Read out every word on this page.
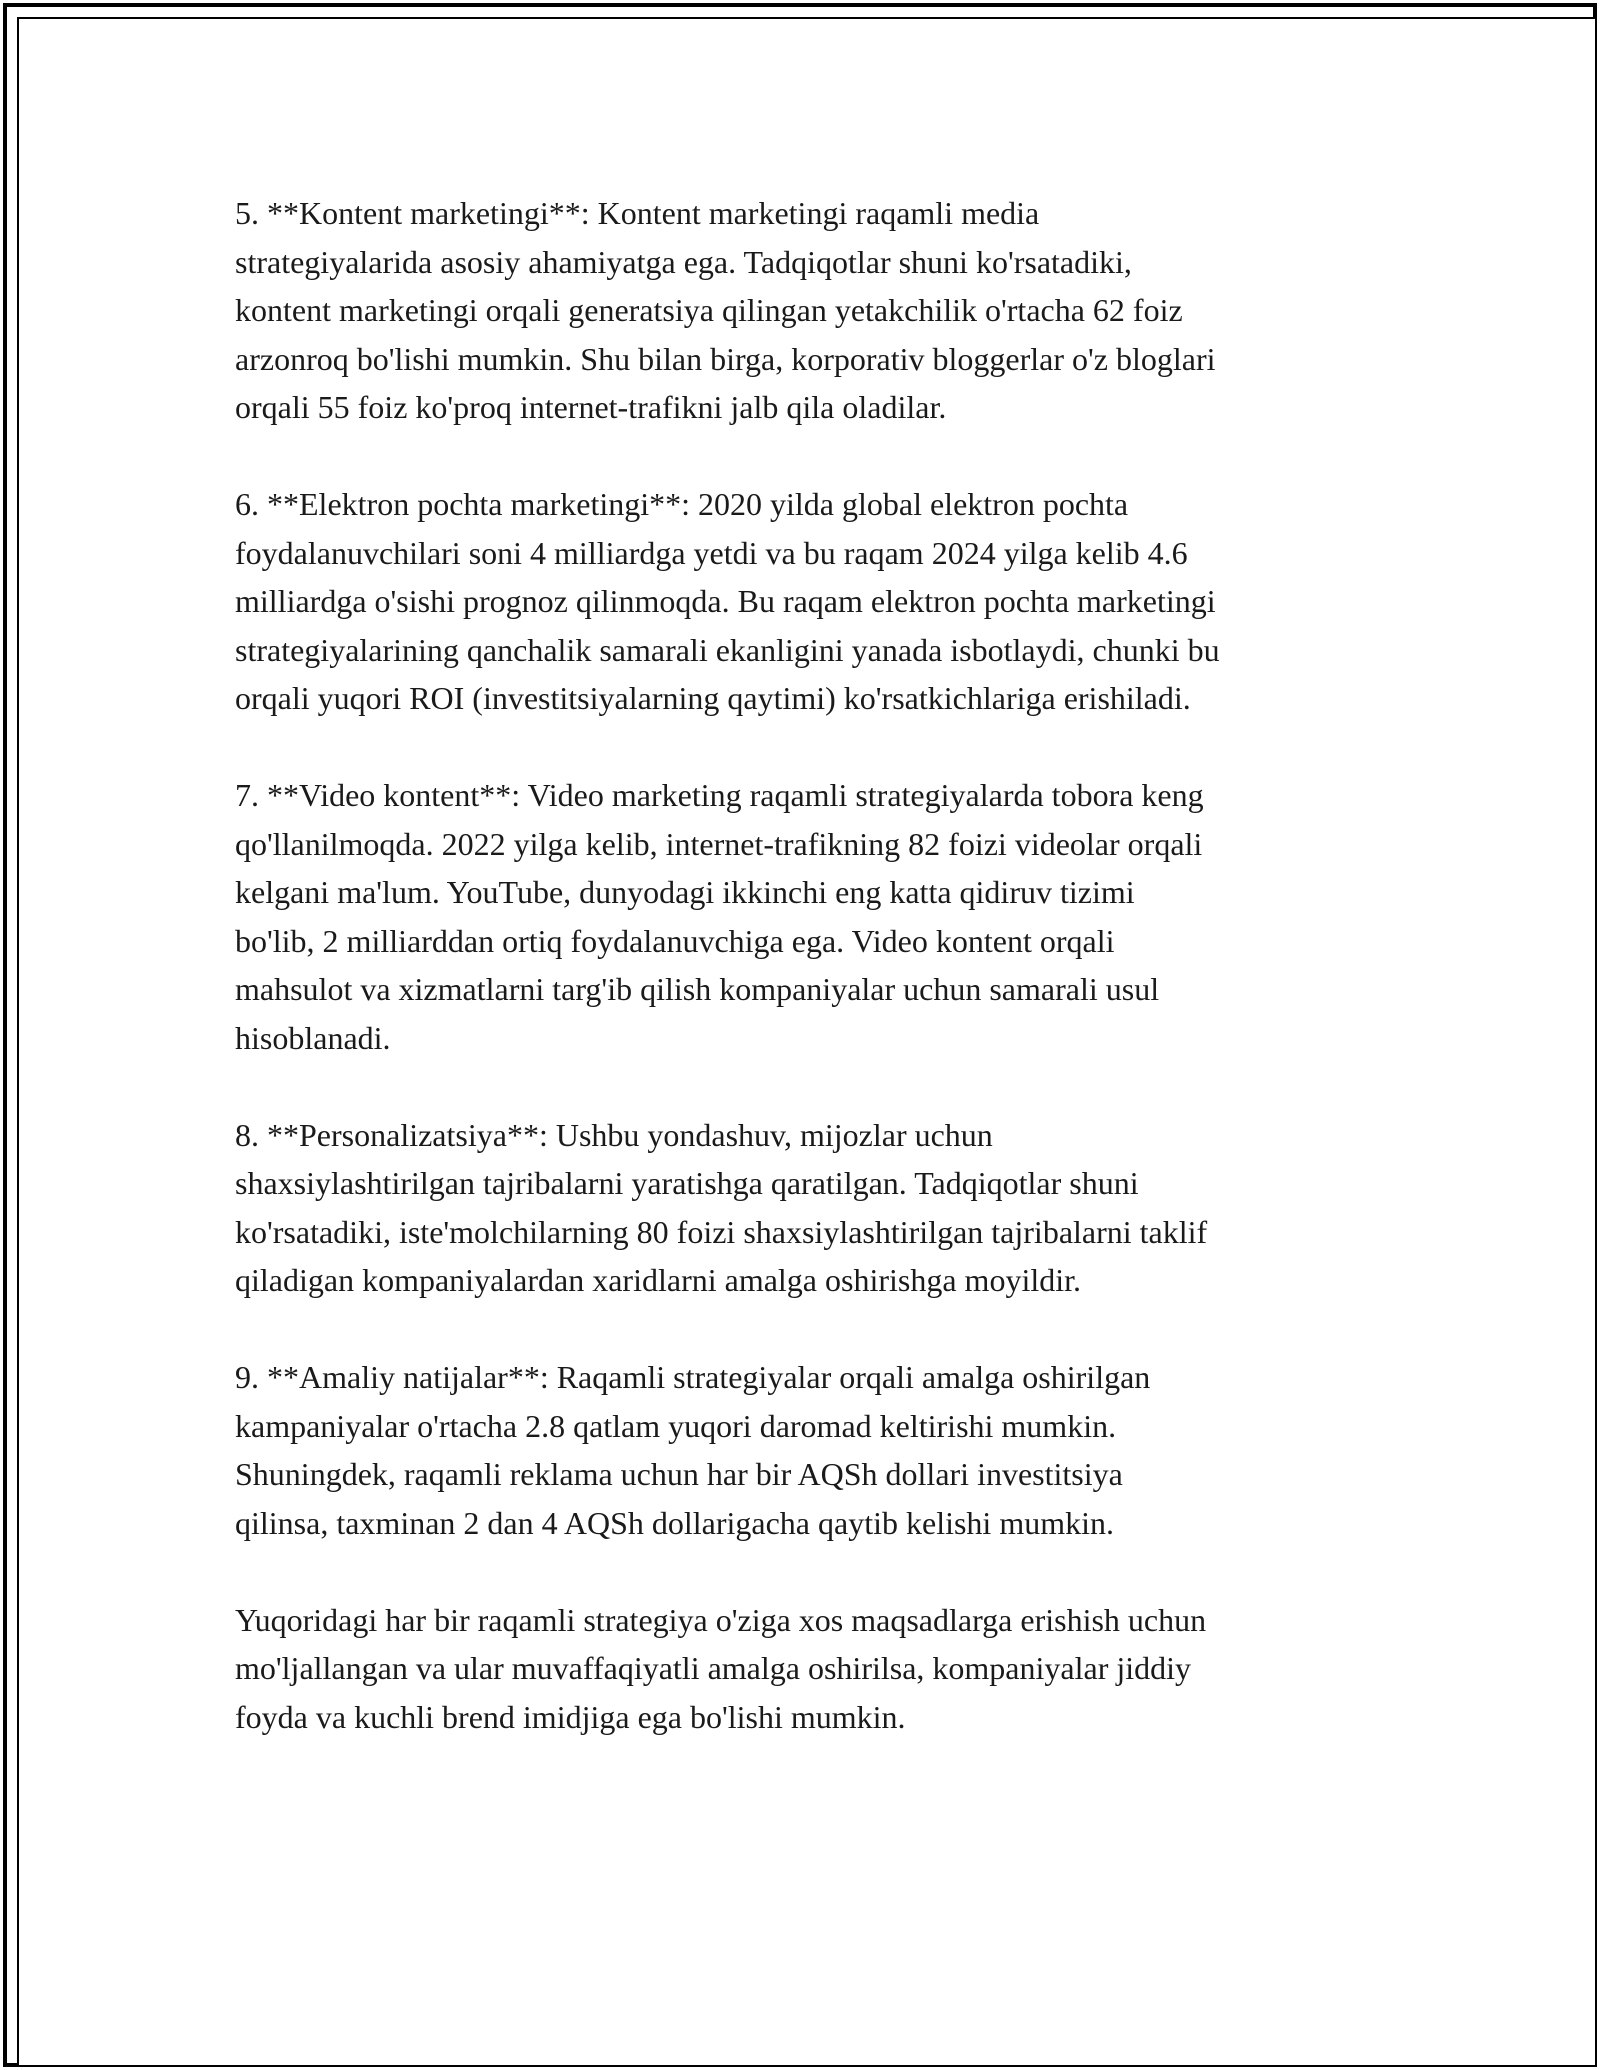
5. **Kontent marketingi**: Kontent marketingi raqamli media
strategiyalarida asosiy ahamiyatga ega. Tadqiqotlar shuni ko'rsatadiki,
kontent marketingi orqali generatsiya qilingan yetakchilik o'rtacha 62 foiz
arzonroq bo'lishi mumkin. Shu bilan birga, korporativ bloggerlar o'z bloglari
orqali 55 foiz ko'proq internet-trafikni jalb qila oladilar.

6. **Elektron pochta marketingi**: 2020 yilda global elektron pochta
foydalanuvchilari soni 4 milliardga yetdi va bu raqam 2024 yilga kelib 4.6
milliardga o'sishi prognoz qilinmoqda. Bu raqam elektron pochta marketingi
strategiyalarining qanchalik samarali ekanligini yanada isbotlaydi, chunki bu
orqali yuqori ROI (investitsiyalarning qaytimi) ko'rsatkichlariga erishiladi.

7. **Video kontent**: Video marketing raqamli strategiyalarda tobora keng
qo'llanilmoqda. 2022 yilga kelib, internet-trafikning 82 foizi videolar orqali
kelgani ma'lum. YouTube, dunyodagi ikkinchi eng katta qidiruv tizimi
bo'lib, 2 milliarddan ortiq foydalanuvchiga ega. Video kontent orqali
mahsulot va xizmatlarni targ'ib qilish kompaniyalar uchun samarali usul
hisoblanadi.

8. **Personalizatsiya**: Ushbu yondashuv, mijozlar uchun
shaxsiylashtirilgan tajribalarni yaratishga qaratilgan. Tadqiqotlar shuni
ko'rsatadiki, iste'molchilarning 80 foizi shaxsiylashtirilgan tajribalarni taklif
qiladigan kompaniyalardan xaridlarni amalga oshirishga moyildir.

9. **Amaliy natijalar**: Raqamli strategiyalar orqali amalga oshirilgan
kampaniyalar o'rtacha 2.8 qatlam yuqori daromad keltirishi mumkin.
Shuningdek, raqamli reklama uchun har bir AQSh dollari investitsiya
qilinsa, taxminan 2 dan 4 AQSh dollarigacha qaytib kelishi mumkin.

Yuqoridagi har bir raqamli strategiya o'ziga xos maqsadlarga erishish uchun
mo'ljallangan va ular muvaffaqiyatli amalga oshirilsa, kompaniyalar jiddiy
foyda va kuchli brend imidjiga ega bo'lishi mumkin.
